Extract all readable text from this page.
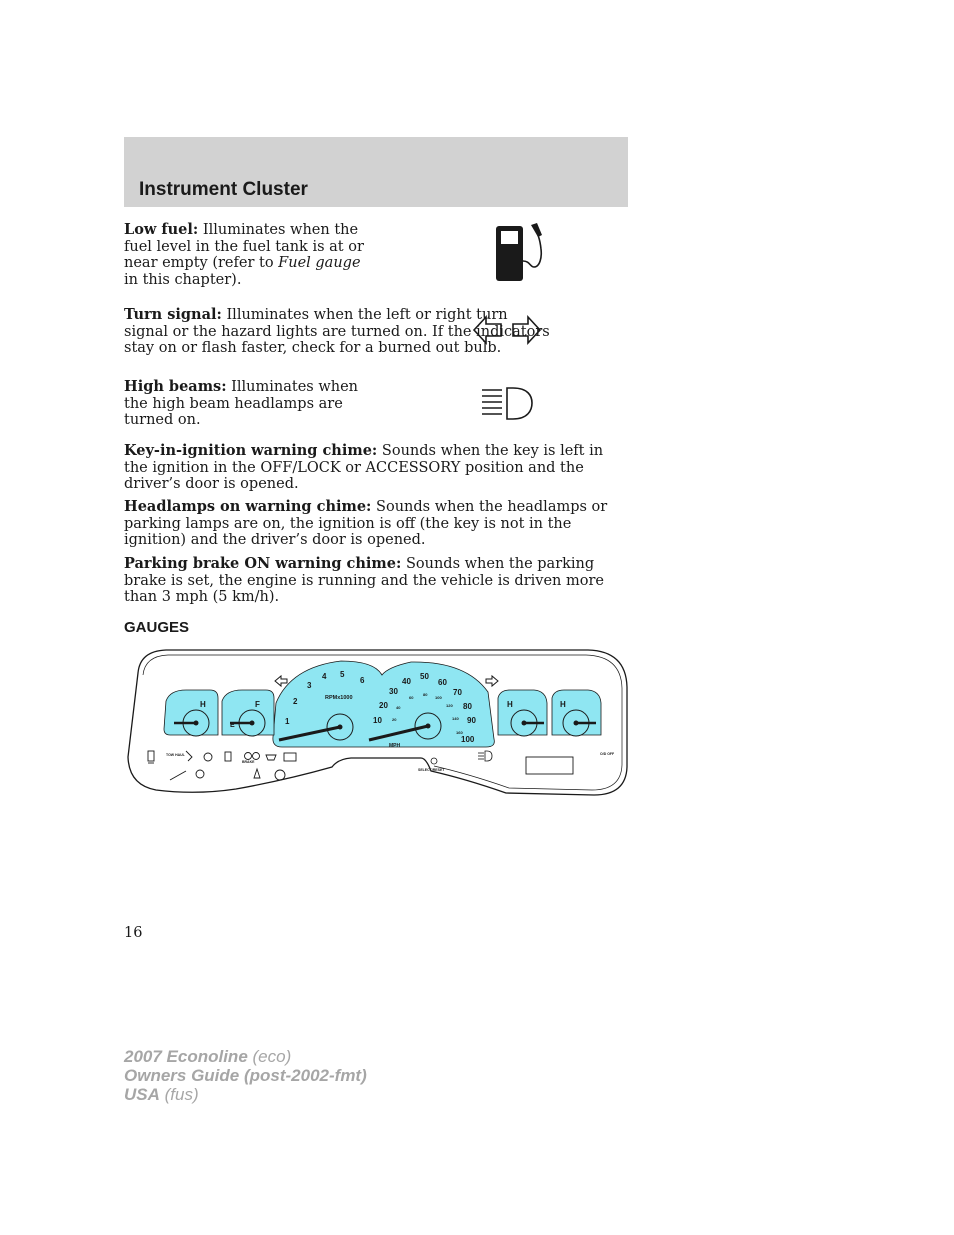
Instrument Cluster

Low fuel: Illuminates when the fuel level in the fuel tank is at or near empty (refer to Fuel gauge in this chapter).

Turn signal: Illuminates when the left or right turn signal or the hazard lights are turned on. If the indicators stay on or flash faster, check for a burned out bulb.

High beams: Illuminates when the high beam headlamps are turned on.

Key-in-ignition warning chime: Sounds when the key is left in the ignition in the OFF/LOCK or ACCESSORY position and the driver’s door is opened.

Headlamps on warning chime: Sounds when the headlamps or parking lamps are on, the ignition is off (the key is not in the ignition) and the driver’s door is opened.

Parking brake ON warning chime: Sounds when the parking brake is set, the engine is running and the vehicle is driven more than 3 mph (5 km/h).

GAUGES
H	F
E
H	H
1
2
3
4 5
6
RPMx1000
10
20
30
40
50
60
70
80
90
100
20
40
60
80
100
120
140
160
MPH
TOW HAUL
BRAKE
O/D OFF
SELECT/RESET
16
2007 Econoline (eco)
Owners Guide (post-2002-fmt)
USA (fus)
